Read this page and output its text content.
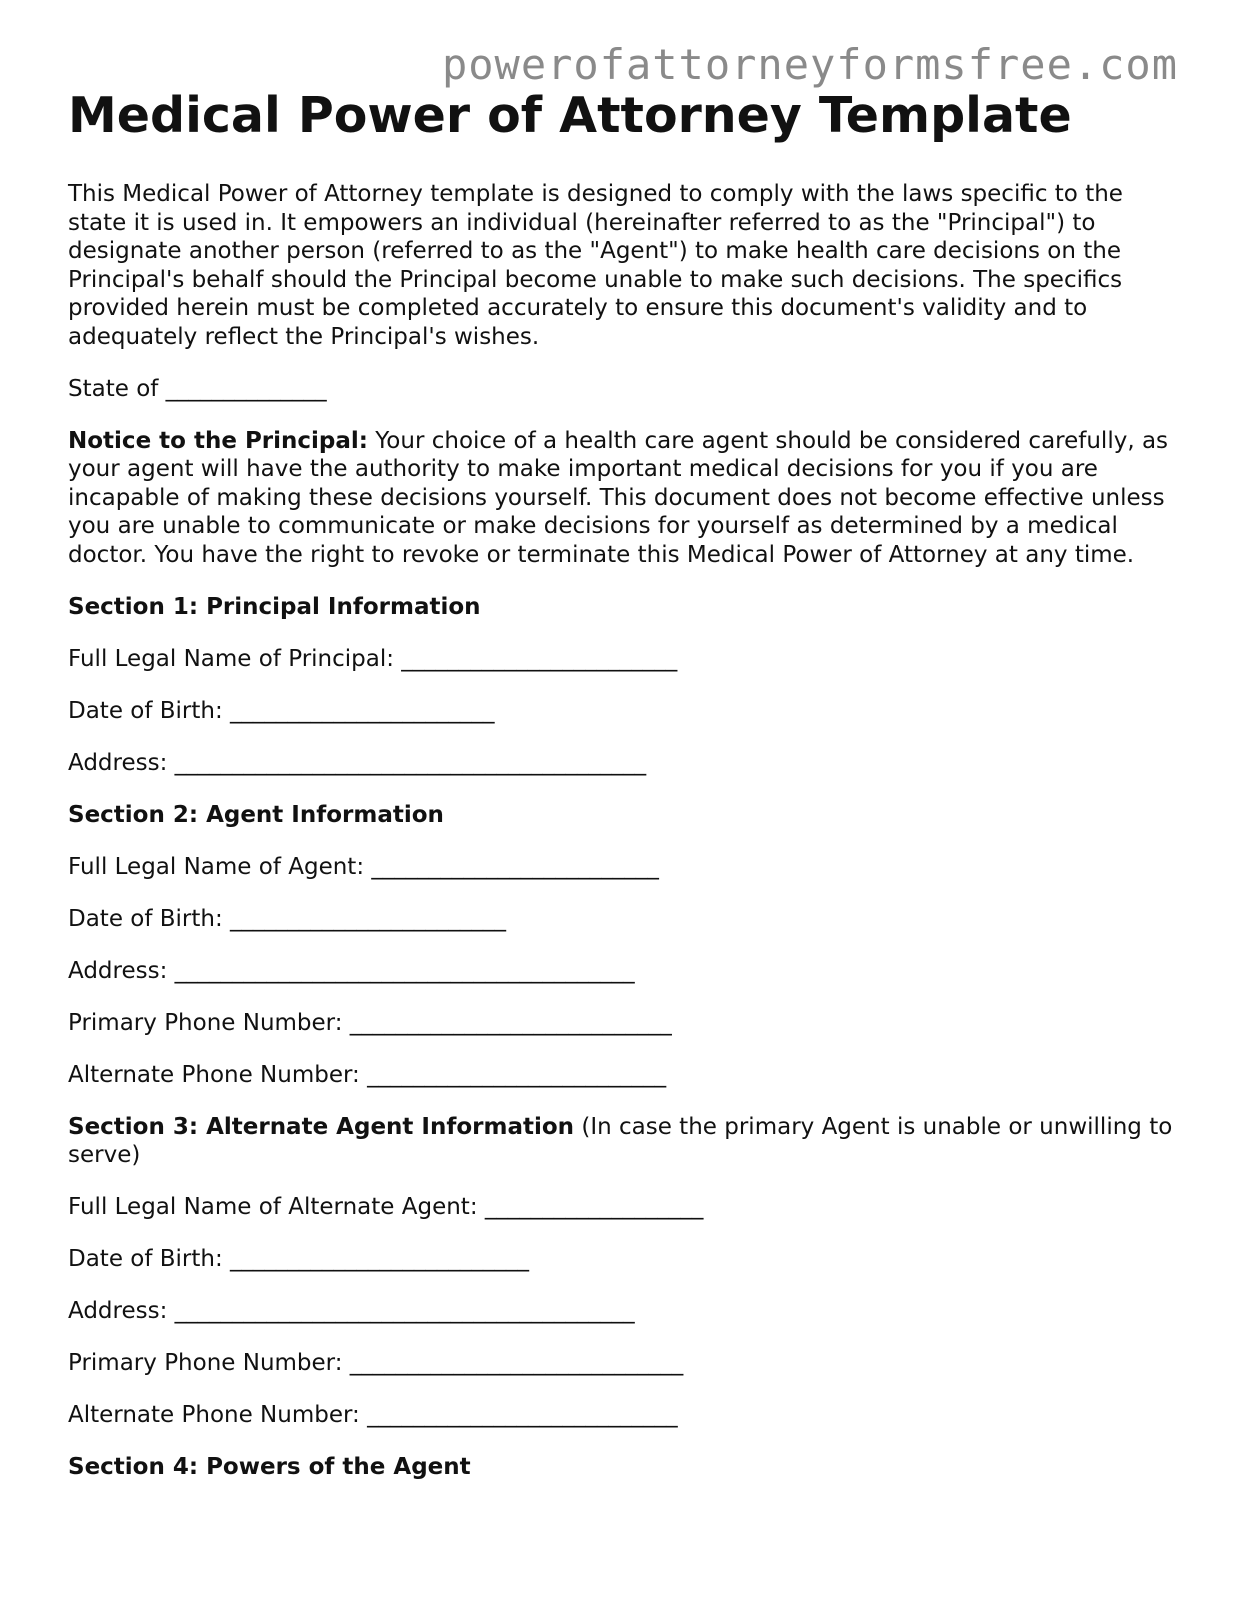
powerofattorneyformsfree.com
Medical Power of Attorney Template

This Medical Power of Attorney template is designed to comply with the laws specific to the state it is used in. It empowers an individual (hereinafter referred to as the "Principal") to designate another person (referred to as the "Agent") to make health care decisions on the Principal's behalf should the Principal become unable to make such decisions. The specifics provided herein must be completed accurately to ensure this document's validity and to adequately reflect the Principal's wishes.

State of ______________

Notice to the Principal: Your choice of a health care agent should be considered carefully, as your agent will have the authority to make important medical decisions for you if you are incapable of making these decisions yourself. This document does not become effective unless you are unable to communicate or make decisions for yourself as determined by a medical doctor. You have the right to revoke or terminate this Medical Power of Attorney at any time.

Section 1: Principal Information

Full Legal Name of Principal: ________________________

Date of Birth: _______________________

Address: _________________________________________

Section 2: Agent Information

Full Legal Name of Agent: _________________________

Date of Birth: ________________________

Address: ________________________________________

Primary Phone Number: ____________________________

Alternate Phone Number: __________________________

Section 3: Alternate Agent Information (In case the primary Agent is unable or unwilling to serve)

Full Legal Name of Alternate Agent: ___________________

Date of Birth: __________________________

Address: ________________________________________

Primary Phone Number: _____________________________

Alternate Phone Number: ___________________________

Section 4: Powers of the Agent
